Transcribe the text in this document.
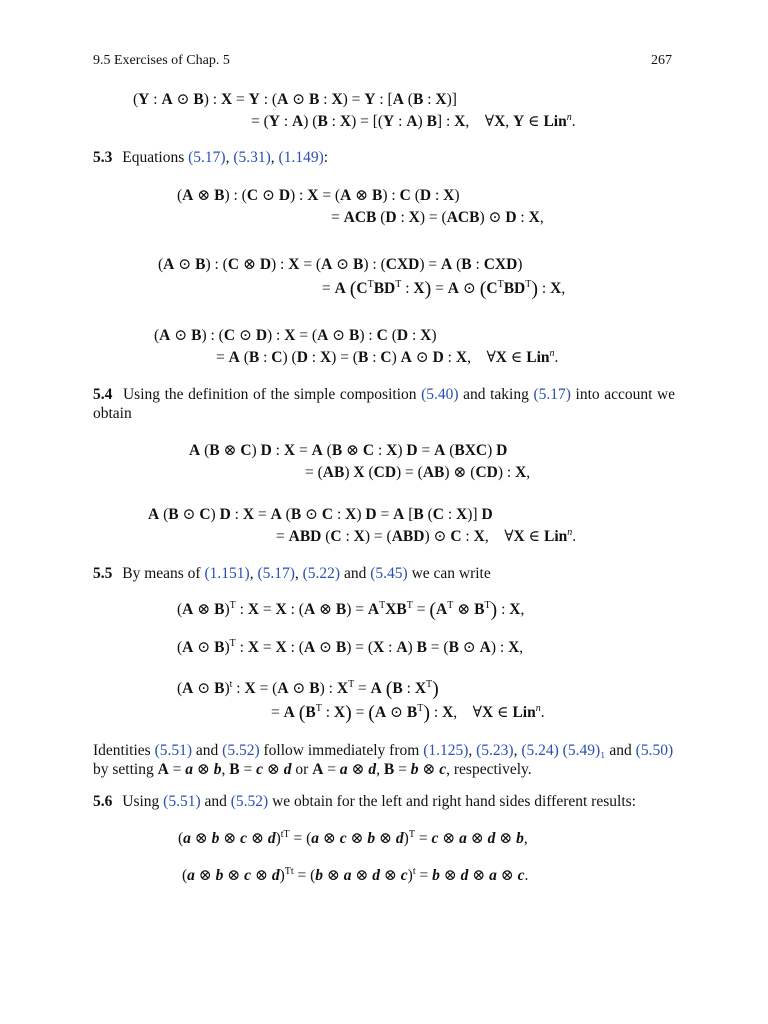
9.5 Exercises of Chap. 5	267
(Y : A ⊙ B) : X = Y : (A ⊙ B : X) = Y : [A (B : X)]
= (Y : A) (B : X) = [(Y : A) B] : X,    ∀X, Y ∈ Lin$^n$.
5.3 Equations (5.17), (5.31), (1.149):
(A ⊗ B) : (C ⊙ D) : X = (A ⊗ B) : C (D : X)
= ACB (D : X) = (ACB) ⊙ D : X,
(A ⊙ B) : (C ⊗ D) : X = (A ⊙ B) : (CXD) = A (B : CXD)
= A ($C^TBD^T$ : X) = A ⊙ $(C^TBD^T)$ : X,
(A ⊙ B) : (C ⊙ D) : X = (A ⊙ B) : C (D : X)
= A (B : C) (D : X) = (B : C) A ⊙ D : X,    ∀X ∈ Lin$^n$.
5.4 Using the definition of the simple composition (5.40) and taking (5.17) into account we obtain
A (B ⊗ C) D : X = A (B ⊗ C : X) D = A (BXC) D
= (AB) X (CD) = (AB) ⊗ (CD) : X,
A (B ⊙ C) D : X = A (B ⊙ C : X) D = A [B (C : X)] D
= ABD (C : X) = (ABD) ⊙ C : X,    ∀X ∈ Lin$^n$.
5.5 By means of (1.151), (5.17), (5.22) and (5.45) we can write
(A ⊗ B)$^T$ : X = X : (A ⊗ $B) = A^TXB^T = (A^T$ ⊗ $B^T$) : X,
(A ⊙ B)$^T$ : X = X : (A ⊙ B) = (X : A) B = (B ⊙ A) : X,
(A ⊙ B)$^t$ : X = (A ⊙ B) : $X^T = A$ (B : $X^T$)
= A ($B^T$ : X) = (A ⊙ $B^T$) : X,    ∀X ∈ Lin$^n$.
Identities (5.51) and (5.52) follow immediately from (1.125), (5.23), (5.24) (5.49)₁ and (5.50) by setting A = a ⊗ b, B = c ⊗ d or A = a ⊗ d, B = b ⊗ c, respectively.
5.6 Using (5.51) and (5.52) we obtain for the left and right hand sides different results:
(a ⊗ b ⊗ c ⊗ d)$^{tT}$ = (a ⊗ c ⊗ b ⊗ d)$^T$ = c ⊗ a ⊗ d ⊗ b,
(a ⊗ b ⊗ c ⊗ d)$^{Tt}$ = (b ⊗ a ⊗ d ⊗ c)$^t$ = b ⊗ d ⊗ a ⊗ c.
